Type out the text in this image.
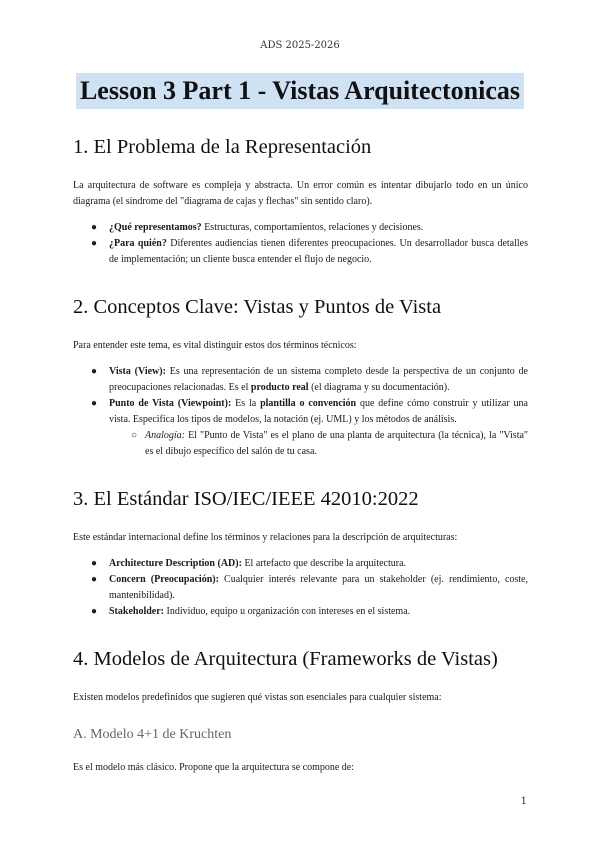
ADS 2025-2026
Lesson 3 Part 1 - Vistas Arquitectonicas
1. El Problema de la Representación

La arquitectura de software es compleja y abstracta. Un error común es intentar dibujarlo todo en un único diagrama (el síndrome del "diagrama de cajas y flechas" sin sentido claro).

● ¿Qué representamos? Estructuras, comportamientos, relaciones y decisiones.
● ¿Para quién? Diferentes audiencias tienen diferentes preocupaciones. Un desarrollador busca detalles de implementación; un cliente busca entender el flujo de negocio.
2. Conceptos Clave: Vistas y Puntos de Vista

Para entender este tema, es vital distinguir estos dos términos técnicos:

● Vista (View): Es una representación de un sistema completo desde la perspectiva de un conjunto de preocupaciones relacionadas. Es el producto real (el diagrama y su documentación).
● Punto de Vista (Viewpoint): Es la plantilla o convención que define cómo construir y utilizar una vista. Especifica los tipos de modelos, la notación (ej. UML) y los métodos de análisis.
○ Analogía: El "Punto de Vista" es el plano de una planta de arquitectura (la técnica), la "Vista" es el dibujo específico del salón de tu casa.
3. El Estándar ISO/IEC/IEEE 42010:2022

Este estándar internacional define los términos y relaciones para la descripción de arquitecturas:

● Architecture Description (AD): El artefacto que describe la arquitectura.
● Concern (Preocupación): Cualquier interés relevante para un stakeholder (ej. rendimiento, coste, mantenibilidad).
● Stakeholder: Individuo, equipo u organización con intereses en el sistema.
4. Modelos de Arquitectura (Frameworks de Vistas)

Existen modelos predefinidos que sugieren qué vistas son esenciales para cualquier sistema:

A. Modelo 4+1 de Kruchten

Es el modelo más clásico. Propone que la arquitectura se compone de:

1
